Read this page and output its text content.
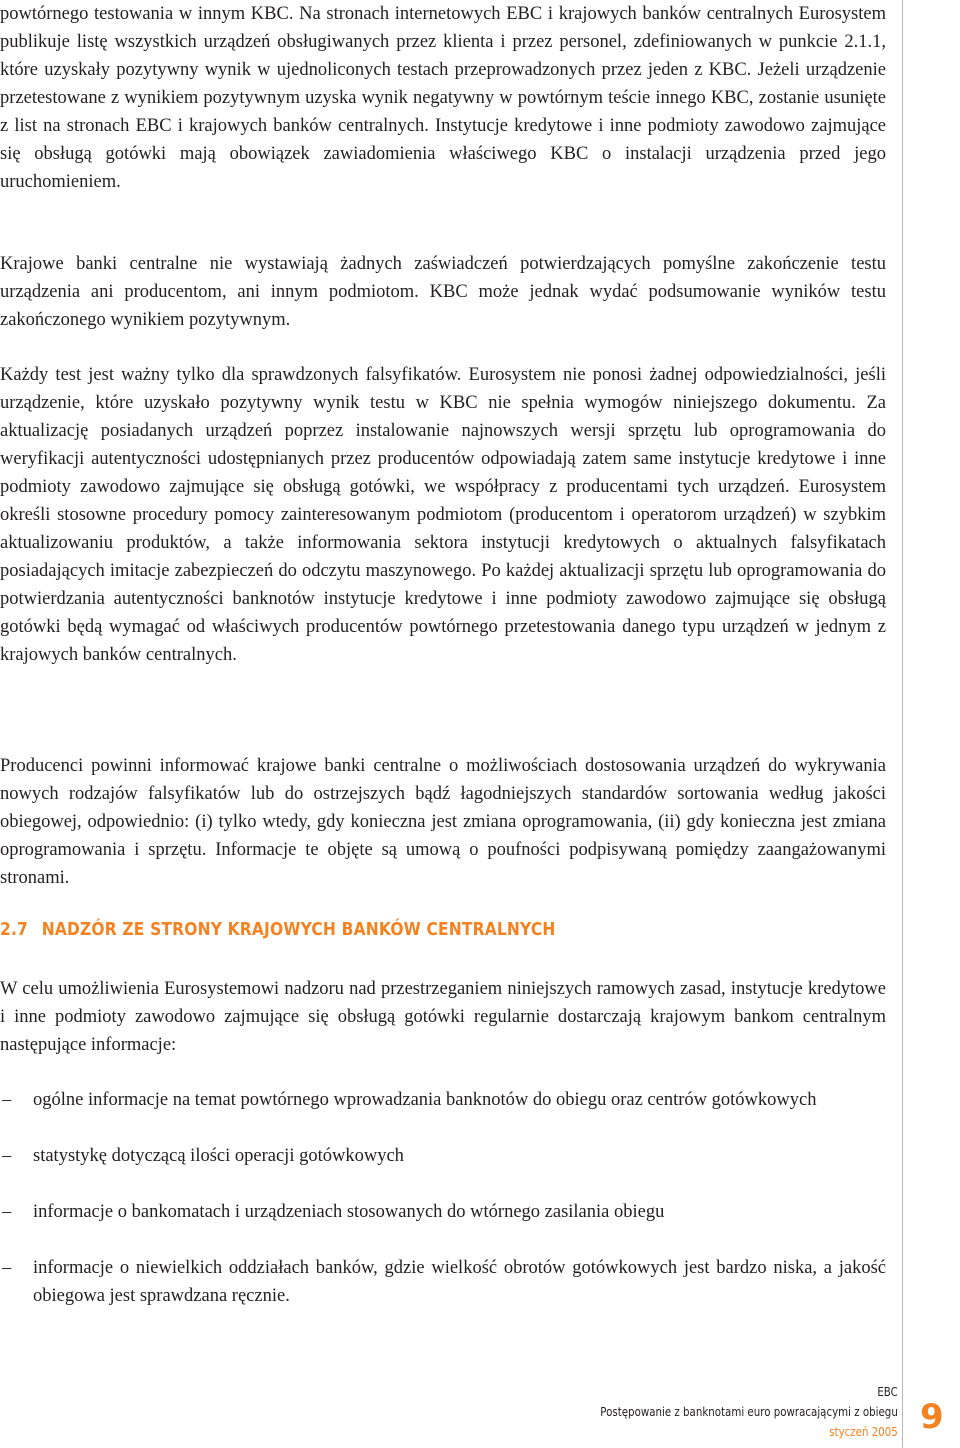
powtórnego testowania w innym KBC. Na stronach internetowych EBC i krajowych banków centralnych Eurosystem publikuje listę wszystkich urządzeń obsługiwanych przez klienta i przez personel, zdefiniowanych w punkcie 2.1.1, które uzyskały pozytywny wynik w ujednoliconych testach przeprowadzonych przez jeden z KBC. Jeżeli urządzenie przetestowane z wynikiem pozytywnym uzyska wynik negatywny w powtórnym teście innego KBC, zostanie usunięte z list na stronach EBC i krajowych banków centralnych. Instytucje kredytowe i inne podmioty zawodowo zajmujące się obsługą gotówki mają obowiązek zawiadomienia właściwego KBC o instalacji urządzenia przed jego uruchomieniem.

Krajowe banki centralne nie wystawiają żadnych zaświadczeń potwierdzających pomyślne zakończenie testu urządzenia ani producentom, ani innym podmiotom. KBC może jednak wydać podsumowanie wyników testu zakończonego wynikiem pozytywnym.

Każdy test jest ważny tylko dla sprawdzonych falsyfikatów. Eurosystem nie ponosi żadnej odpowiedzialności, jeśli urządzenie, które uzyskało pozytywny wynik testu w KBC nie spełnia wymogów niniejszego dokumentu. Za aktualizację posiadanych urządzeń poprzez instalowanie najnowszych wersji sprzętu lub oprogramowania do weryfikacji autentyczności udostępnianych przez producentów odpowiadają zatem same instytucje kredytowe i inne podmioty zawodowo zajmujące się obsługą gotówki, we współpracy z producentami tych urządzeń. Eurosystem określi stosowne procedury pomocy zainteresowanym podmiotom (producentom i operatorom urządzeń) w szybkim aktualizowaniu produktów, a także informowania sektora instytucji kredytowych o aktualnych falsyfikatach posiadających imitacje zabezpieczeń do odczytu maszynowego. Po każdej aktualizacji sprzętu lub oprogramowania do potwierdzania autentyczności banknotów instytucje kredytowe i inne podmioty zawodowo zajmujące się obsługą gotówki będą wymagać od właściwych producentów powtórnego przetestowania danego typu urządzeń w jednym z krajowych banków centralnych.

Producenci powinni informować krajowe banki centralne o możliwościach dostosowania urządzeń do wykrywania nowych rodzajów falsyfikatów lub do ostrzejszych bądź łagodniejszych standardów sortowania według jakości obiegowej, odpowiednio: (i) tylko wtedy, gdy konieczna jest zmiana oprogramowania, (ii) gdy konieczna jest zmiana oprogramowania i sprzętu. Informacje te objęte są umową o poufności podpisywaną pomiędzy zaangażowanymi stronami.

2.7 NADZÓR ZE STRONY KRAJOWYCH BANKÓW CENTRALNYCH

W celu umożliwienia Eurosystemowi nadzoru nad przestrzeganiem niniejszych ramowych zasad, instytucje kredytowe i inne podmioty zawodowo zajmujące się obsługą gotówki regularnie dostarczają krajowym bankom centralnym następujące informacje:

– ogólne informacje na temat powtórnego wprowadzania banknotów do obiegu oraz centrów gotówkowych
– statystykę dotyczącą ilości operacji gotówkowych
– informacje o bankomatach i urządzeniach stosowanych do wtórnego zasilania obiegu
– informacje o niewielkich oddziałach banków, gdzie wielkość obrotów gotówkowych jest bardzo niska, a jakość obiegowa jest sprawdzana ręcznie.
EBC
Postępowanie z banknotami euro powracającymi z obiegu
styczeń 2005 9
